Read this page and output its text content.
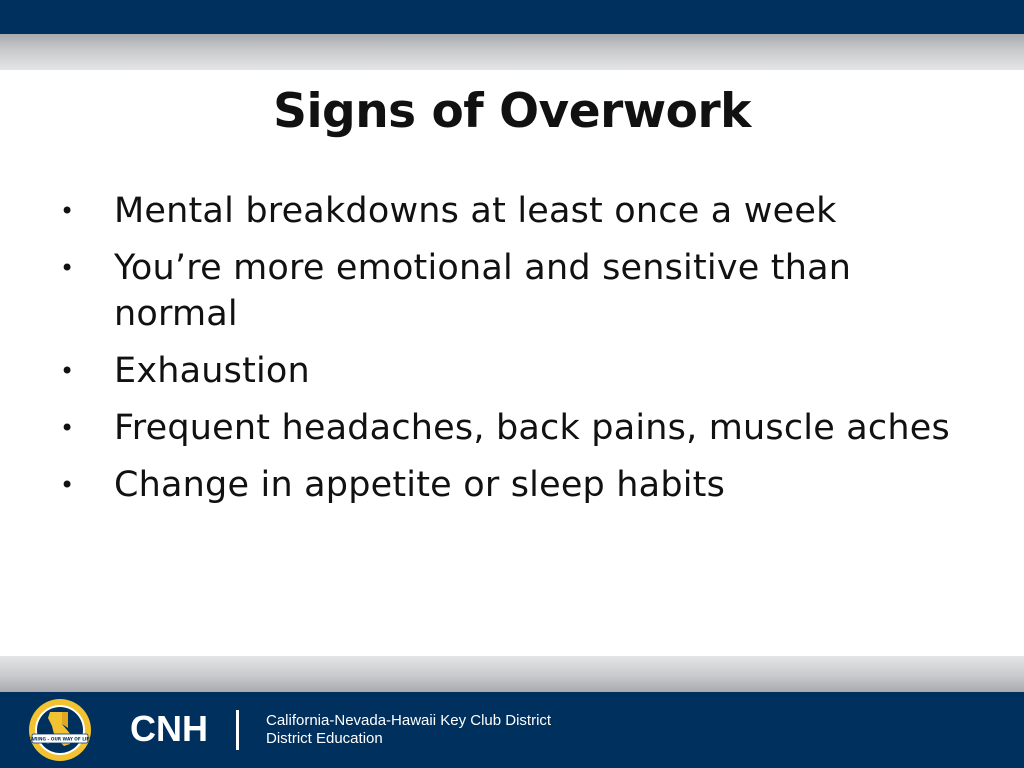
Signs of Overwork
• Mental breakdowns at least once a week
• You’re more emotional and sensitive than normal
• Exhaustion
• Frequent headaches, back pains, muscle aches
• Change in appetite or sleep habits
CARING – OUR WAY OF LIFE CNH	California-Nevada-Hawaii Key Club District
District Education
